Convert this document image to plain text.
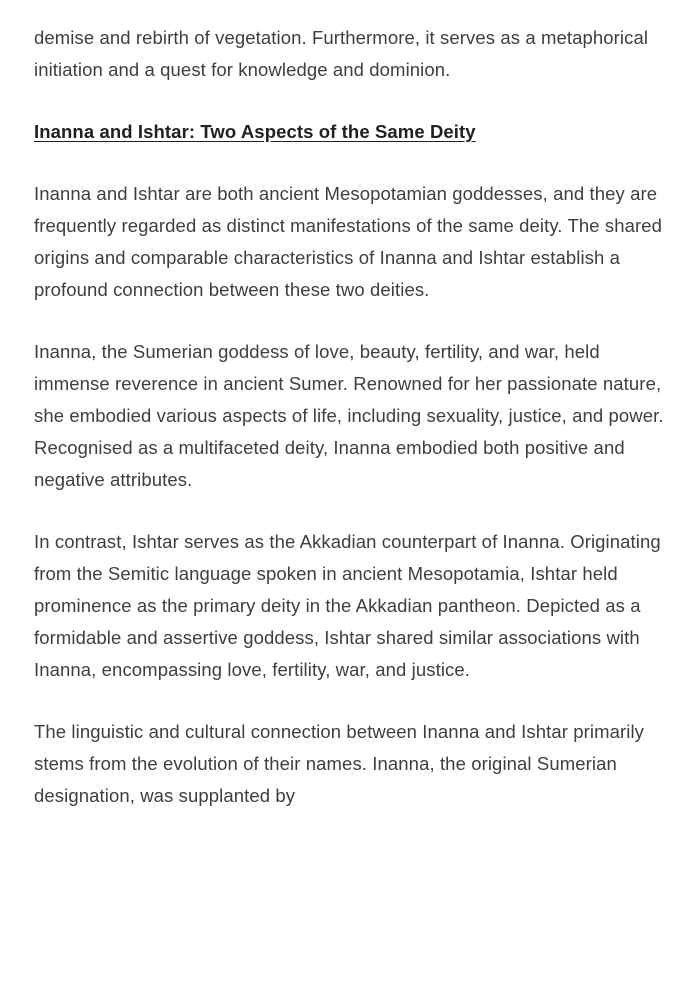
demise and rebirth of vegetation. Furthermore, it serves as a metaphorical initiation and a quest for knowledge and dominion.

Inanna and Ishtar: Two Aspects of the Same Deity

Inanna and Ishtar are both ancient Mesopotamian goddesses, and they are frequently regarded as distinct manifestations of the same deity. The shared origins and comparable characteristics of Inanna and Ishtar establish a profound connection between these two deities.

Inanna, the Sumerian goddess of love, beauty, fertility, and war, held immense reverence in ancient Sumer. Renowned for her passionate nature, she embodied various aspects of life, including sexuality, justice, and power. Recognised as a multifaceted deity, Inanna embodied both positive and negative attributes.

In contrast, Ishtar serves as the Akkadian counterpart of Inanna. Originating from the Semitic language spoken in ancient Mesopotamia, Ishtar held prominence as the primary deity in the Akkadian pantheon. Depicted as a formidable and assertive goddess, Ishtar shared similar associations with Inanna, encompassing love, fertility, war, and justice.

The linguistic and cultural connection between Inanna and Ishtar primarily stems from the evolution of their names. Inanna, the original Sumerian designation, was supplanted by
